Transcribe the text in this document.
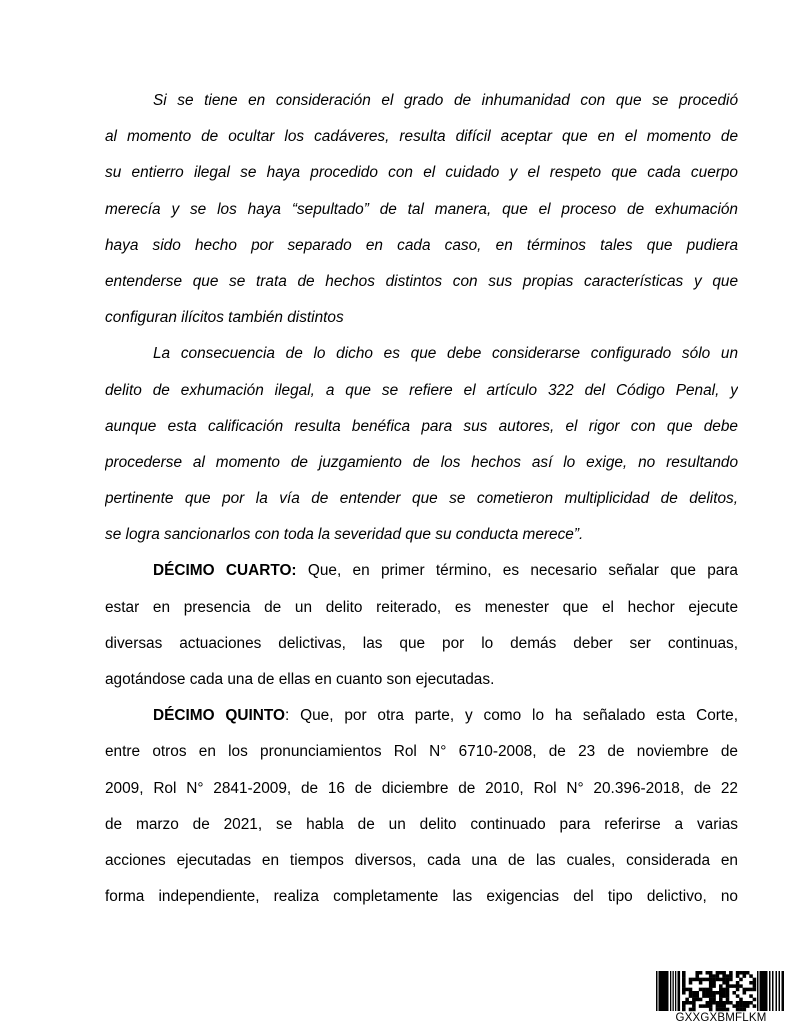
Si se tiene en consideración el grado de inhumanidad con que se procedió
al momento de ocultar los cadáveres, resulta difícil aceptar que en el momento de
su entierro ilegal se haya procedido con el cuidado y el respeto que cada cuerpo
merecía y se los haya “sepultado” de tal manera, que el proceso de exhumación
haya sido hecho por separado en cada caso, en términos tales que pudiera
entenderse que se trata de hechos distintos con sus propias características y que
configuran ilícitos también distintos
La consecuencia de lo dicho es que debe considerarse configurado sólo un
delito de exhumación ilegal, a que se refiere el artículo 322 del Código Penal, y
aunque esta calificación resulta benéfica para sus autores, el rigor con que debe
procederse al momento de juzgamiento de los hechos así lo exige, no resultando
pertinente que por la vía de entender que se cometieron multiplicidad de delitos,
se logra sancionarlos con toda la severidad que su conducta merece”.
DÉCIMO CUARTO: Que, en primer término, es necesario señalar que para
estar en presencia de un delito reiterado, es menester que el hechor ejecute
diversas actuaciones delictivas, las que por lo demás deber ser continuas,
agotándose cada una de ellas en cuanto son ejecutadas.
DÉCIMO QUINTO: Que, por otra parte, y como lo ha señalado esta Corte,
entre otros en los pronunciamientos Rol N° 6710-2008, de 23 de noviembre de
2009, Rol N° 2841-2009, de 16 de diciembre de 2010, Rol N° 20.396-2018, de 22
de marzo de 2021, se habla de un delito continuado para referirse a varias
acciones ejecutadas en tiempos diversos, cada una de las cuales, considerada en
forma independiente, realiza completamente las exigencias del tipo delictivo, no
GXXGXBMFLKM
